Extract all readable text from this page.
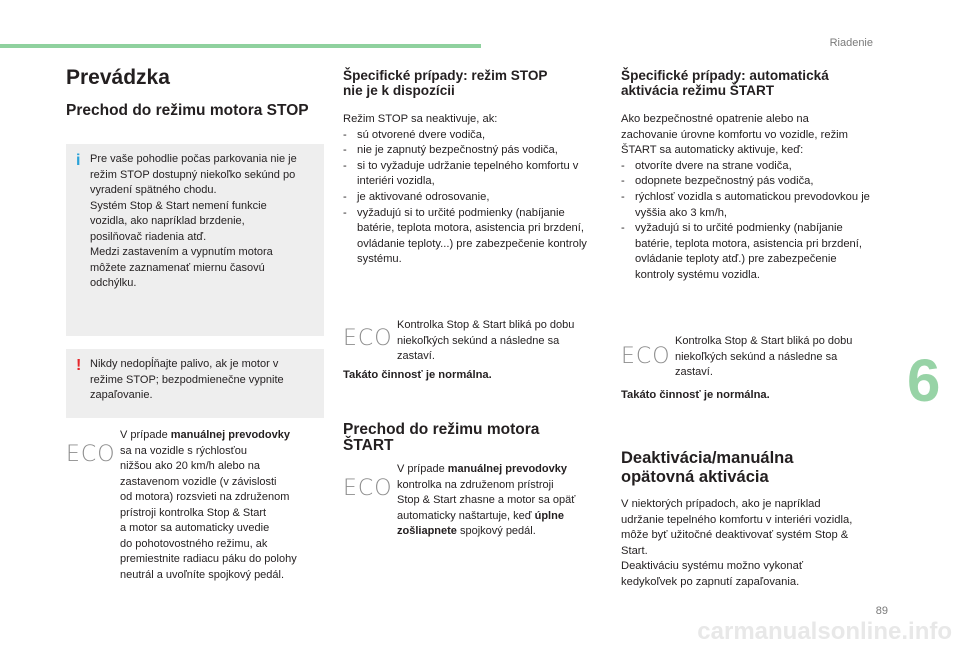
Riadenie
6
89
carmanualsonline.info
Prevádzka
Prechod do režimu motora STOP
i Pre vaše pohodlie počas parkovania nie je
režim STOP dostupný niekoľko sekúnd po
vyradení spätného chodu.
Systém Stop & Start nemení funkcie
vozidla, ako napríklad brzdenie,
posilňovač riadenia atď.
Medzi zastavením a vypnutím motora
môžete zaznamenať miernu časovú
odchýlku.
! Nikdy nedopĺňajte palivo, ak je motor v
režime STOP; bezpodmienečne vypnite
zapaľovanie.
ECO
V prípade manuálnej prevodovky
sa na vozidle s rýchlosťou
nižšou ako 20 km/h alebo na
zastavenom vozidle (v závislosti
od motora) rozsvieti na združenom
prístroji kontrolka Stop & Start
a motor sa automaticky uvedie
do pohotovostného režimu, ak
premiestnite radiacu páku do polohy
neutrál a uvoľníte spojkový pedál.
Špecifické prípady: režim STOP
nie je k dispozícii

Režim STOP sa neaktivuje, ak:

- sú otvorené dvere vodiča,
- nie je zapnutý bezpečnostný pás vodiča,
- si to vyžaduje udržanie tepelného komfortu v interiéri vozidla,
- je aktivované odrosovanie,
- vyžadujú si to určité podmienky (nabíjanie batérie, teplota motora, asistencia pri brzdení, ovládanie teploty...) pre zabezpečenie kontroly systému.
ECO
Kontrolka Stop & Start bliká po dobu
niekoľkých sekúnd a následne sa
zastaví.
Takáto činnosť je normálna.
Prechod do režimu motora
ŠTART
ECO
V prípade manuálnej prevodovky
kontrolka na združenom prístroji
Stop & Start zhasne a motor sa opäť
automaticky naštartuje, keď úplne
zošliapnete spojkový pedál.
Špecifické prípady: automatická
aktivácia režimu ŠTART
Ako bezpečnostné opatrenie alebo na
zachovanie úrovne komfortu vo vozidle, režim
ŠTART sa automaticky aktivuje, keď:
- otvoríte dvere na strane vodiča,
- odopnete bezpečnostný pás vodiča,
- rýchlosť vozidla s automatickou prevodovkou je vyššia ako 3 km/h,
- vyžadujú si to určité podmienky (nabíjanie batérie, teplota motora, asistencia pri brzdení, ovládanie teploty atď.) pre zabezpečenie kontroly systému vozidla.
ECO
Kontrolka Stop & Start bliká po dobu
niekoľkých sekúnd a následne sa
zastaví.
Takáto činnosť je normálna.
Deaktivácia/manuálna
opätovná aktivácia
V niektorých prípadoch, ako je napríklad
udržanie tepelného komfortu v interiéri vozidla,
môže byť užitočné deaktivovať systém Stop &
Start.
Deaktiváciu systému možno vykonať
kedykoľvek po zapnutí zapaľovania.
